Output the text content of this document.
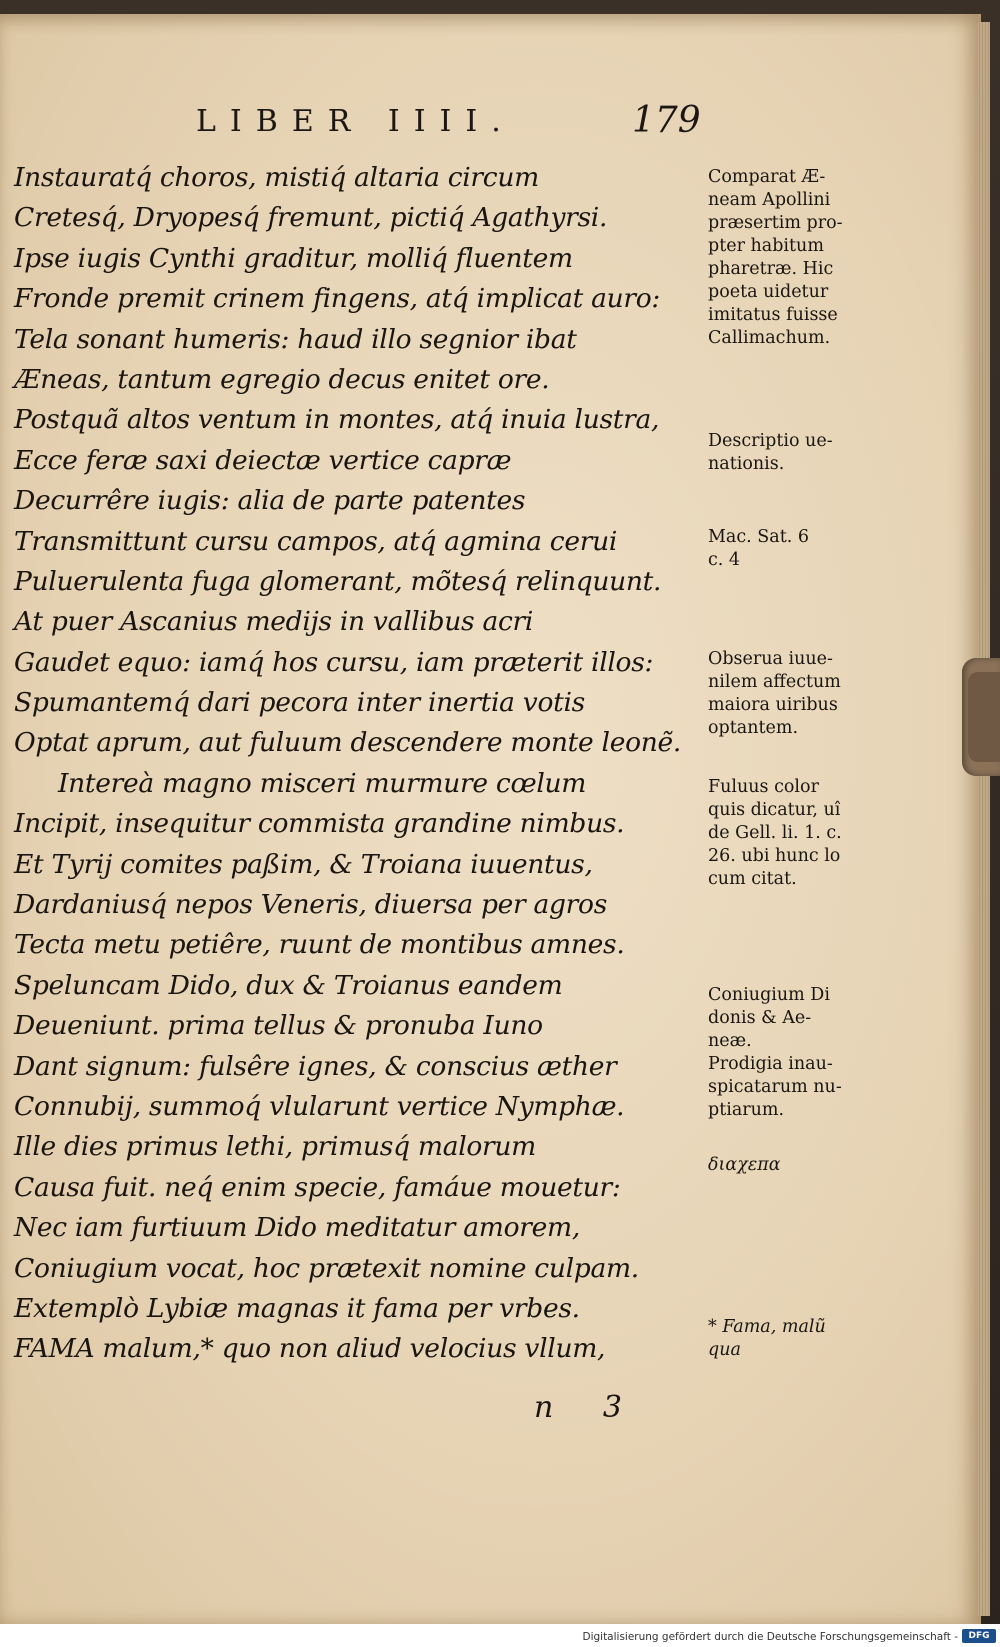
LIBER IIII.	179
Instauratq́ choros, mistiq́ altaria circum
Cretesq́, Dryopesq́ fremunt, pictiq́ Agathyrsi.
Ipse iugis Cynthi graditur, molliq́ fluentem
Fronde premit crinem fingens, atq́ implicat auro:
Tela sonant humeris: haud illo segnior ibat
Æneas, tantum egregio decus enitet ore.
Postquã altos ventum in montes, atq́ inuia lustra,
Ecce feræ saxi deiectæ vertice capræ
Decurrêre iugis: alia de parte patentes
Transmittunt cursu campos, atq́ agmina cerui
Puluerulenta fuga glomerant, mõtesq́ relinquunt.
At puer Ascanius medijs in vallibus acri
Gaudet equo: iamq́ hos cursu, iam præterit illos:
Spumantemq́ dari pecora inter inertia votis
Optat aprum, aut fuluum descendere monte leonẽ.
Intereà magno misceri murmure cœlum
Incipit, insequitur commista grandine nimbus.
Et Tyrij comites paßim, & Troiana iuuentus,
Dardaniusq́ nepos Veneris, diuersa per agros
Tecta metu petiêre, ruunt de montibus amnes.
Speluncam Dido, dux & Troianus eandem
Deueniunt. prima tellus & pronuba Iuno
Dant signum: fulsêre ignes, & conscius æther
Connubij, summoq́ vlularunt vertice Nymphæ.
Ille dies primus lethi, primusq́ malorum
Causa fuit. neq́ enim specie, famáue mouetur:
Nec iam furtiuum Dido meditatur amorem,
Coniugium vocat, hoc prætexit nomine culpam.
Extemplò Lybiæ magnas it fama per vrbes.
FAMA malum,* quo non aliud velocius vllum,
Comparat Æ-
neam Apollini
præsertim pro-
pter habitum
pharetræ. Hic
poeta uidetur
imitatus fuisse
Callimachum.
Descriptio ue-
nationis.
Mac. Sat. 6
c. 4
Obserua iuue-
nilem affectum
maiora uiribus
optantem.
Fuluus color
quis dicatur, uî
de Gell. li. 1. c.
26. ubi hunc lo
cum citat.
Coniugium Di
donis & Ae-
neæ.
Prodigia inau-
spicatarum nu-
ptiarum.
διαχεπα
* Fama, malũ
qua
n 3
Digitalisierung gefördert durch die Deutsche Forschungsgemeinschaft -	DFG
